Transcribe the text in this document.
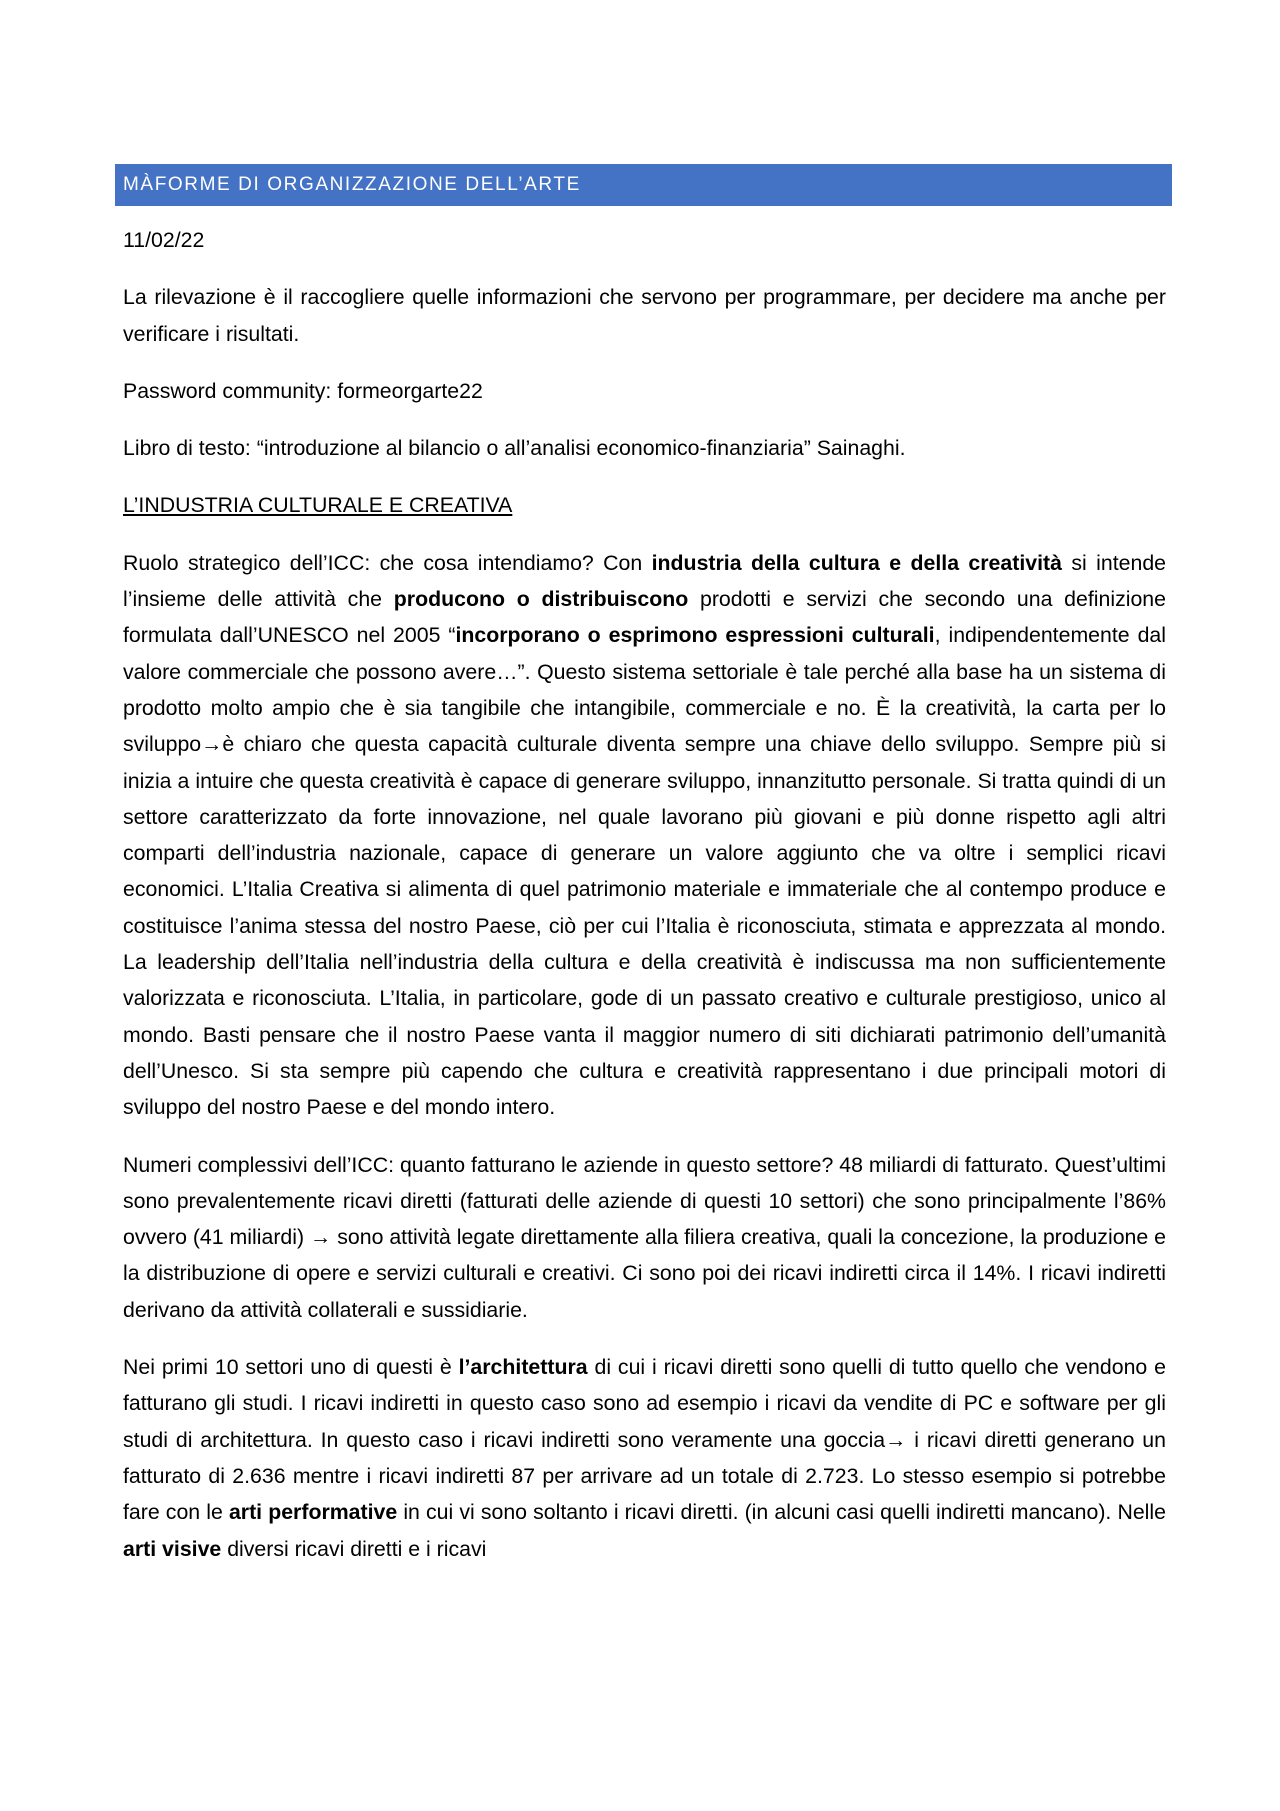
MÀFORME DI ORGANIZZAZIONE DELL’ARTE

11/02/22

La rilevazione è il raccogliere quelle informazioni che servono per programmare, per decidere ma anche per verificare i risultati.

Password community: formeorgarte22

Libro di testo: “introduzione al bilancio o all’analisi economico-finanziaria” Sainaghi.

L’INDUSTRIA CULTURALE E CREATIVA

Ruolo strategico dell’ICC: che cosa intendiamo? Con industria della cultura e della creatività si intende l’insieme delle attività che producono o distribuiscono prodotti e servizi che secondo una definizione formulata dall’UNESCO nel 2005 “incorporano o esprimono espressioni culturali, indipendentemente dal valore commerciale che possono avere…”. Questo sistema settoriale è tale perché alla base ha un sistema di prodotto molto ampio che è sia tangibile che intangibile, commerciale e no. È la creatività, la carta per lo sviluppo→è chiaro che questa capacità culturale diventa sempre una chiave dello sviluppo. Sempre più si inizia a intuire che questa creatività è capace di generare sviluppo, innanzitutto personale. Si tratta quindi di un settore caratterizzato da forte innovazione, nel quale lavorano più giovani e più donne rispetto agli altri comparti dell’industria nazionale, capace di generare un valore aggiunto che va oltre i semplici ricavi economici. L’Italia Creativa si alimenta di quel patrimonio materiale e immateriale che al contempo produce e costituisce l’anima stessa del nostro Paese, ciò per cui l’Italia è riconosciuta, stimata e apprezzata al mondo. La leadership dell’Italia nell’industria della cultura e della creatività è indiscussa ma non sufficientemente valorizzata e riconosciuta. L’Italia, in particolare, gode di un passato creativo e culturale prestigioso, unico al mondo. Basti pensare che il nostro Paese vanta il maggior numero di siti dichiarati patrimonio dell’umanità dell’Unesco. Si sta sempre più capendo che cultura e creatività rappresentano i due principali motori di sviluppo del nostro Paese e del mondo intero.

Numeri complessivi dell’ICC: quanto fatturano le aziende in questo settore? 48 miliardi di fatturato. Quest’ultimi sono prevalentemente ricavi diretti (fatturati delle aziende di questi 10 settori) che sono principalmente l’86% ovvero (41 miliardi) → sono attività legate direttamente alla filiera creativa, quali la concezione, la produzione e la distribuzione di opere e servizi culturali e creativi. Ci sono poi dei ricavi indiretti circa il 14%. I ricavi indiretti derivano da attività collaterali e sussidiarie.

Nei primi 10 settori uno di questi è l’architettura di cui i ricavi diretti sono quelli di tutto quello che vendono e fatturano gli studi. I ricavi indiretti in questo caso sono ad esempio i ricavi da vendite di PC e software per gli studi di architettura. In questo caso i ricavi indiretti sono veramente una goccia→ i ricavi diretti generano un fatturato di 2.636 mentre i ricavi indiretti 87 per arrivare ad un totale di 2.723. Lo stesso esempio si potrebbe fare con le arti performative in cui vi sono soltanto i ricavi diretti. (in alcuni casi quelli indiretti mancano). Nelle arti visive diversi ricavi diretti e i ricavi
